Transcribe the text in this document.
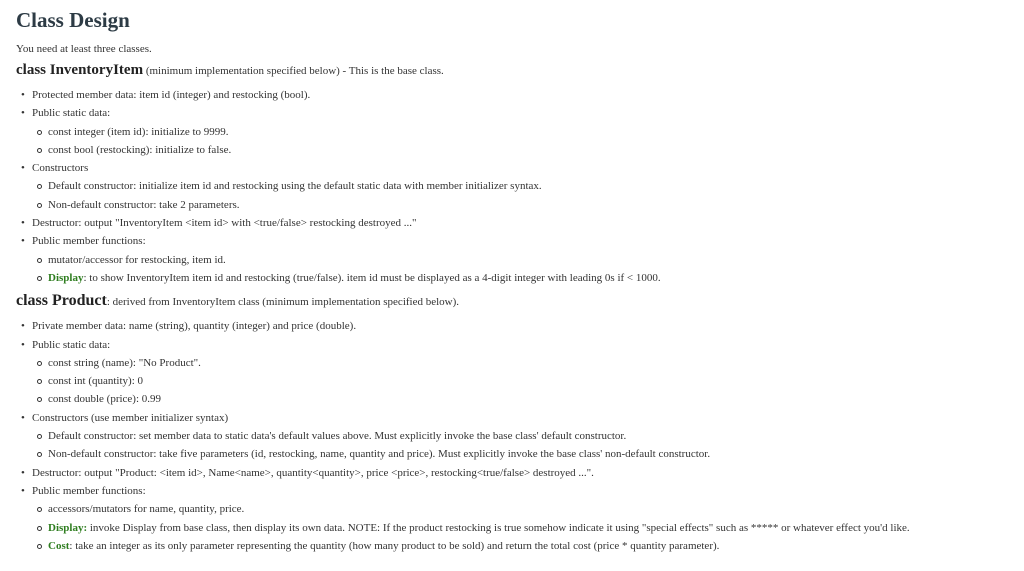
Class Design
You need at least three classes.
class InventoryItem (minimum implementation specified below) - This is the base class.
• Protected member data: item id (integer) and restocking (bool).
• Public static data:
const integer (item id): initialize to 9999.
const bool (restocking): initialize to false.
• Constructors
Default constructor: initialize item id and restocking using the default static data with member initializer syntax.
Non-default constructor: take 2 parameters.
• Destructor: output "InventoryItem <item id> with <true/false> restocking destroyed ..."
• Public member functions:
mutator/accessor for restocking, item id.
Display: to show InventoryItem item id and restocking (true/false). item id must be displayed as a 4-digit integer with leading 0s if < 1000.
class Product: derived from InventoryItem class (minimum implementation specified below).
• Private member data: name (string), quantity (integer) and price (double).
• Public static data:
const string (name): "No Product".
const int (quantity): 0
const double (price): 0.99
• Constructors (use member initializer syntax)
Default constructor: set member data to static data's default values above. Must explicitly invoke the base class' default constructor.
Non-default constructor: take five parameters (id, restocking, name, quantity and price). Must explicitly invoke the base class' non-default constructor.
• Destructor: output "Product: <item id>, Name<name>, quantity<quantity>, price <price>, restocking<true/false> destroyed ...".
• Public member functions:
accessors/mutators for name, quantity, price.
Display: invoke Display from base class, then display its own data. NOTE: If the product restocking is true somehow indicate it using "special effects" such as ***** or whatever effect you'd like.
Cost: take an integer as its only parameter representing the quantity (how many product to be sold) and return the total cost (price * quantity parameter).
